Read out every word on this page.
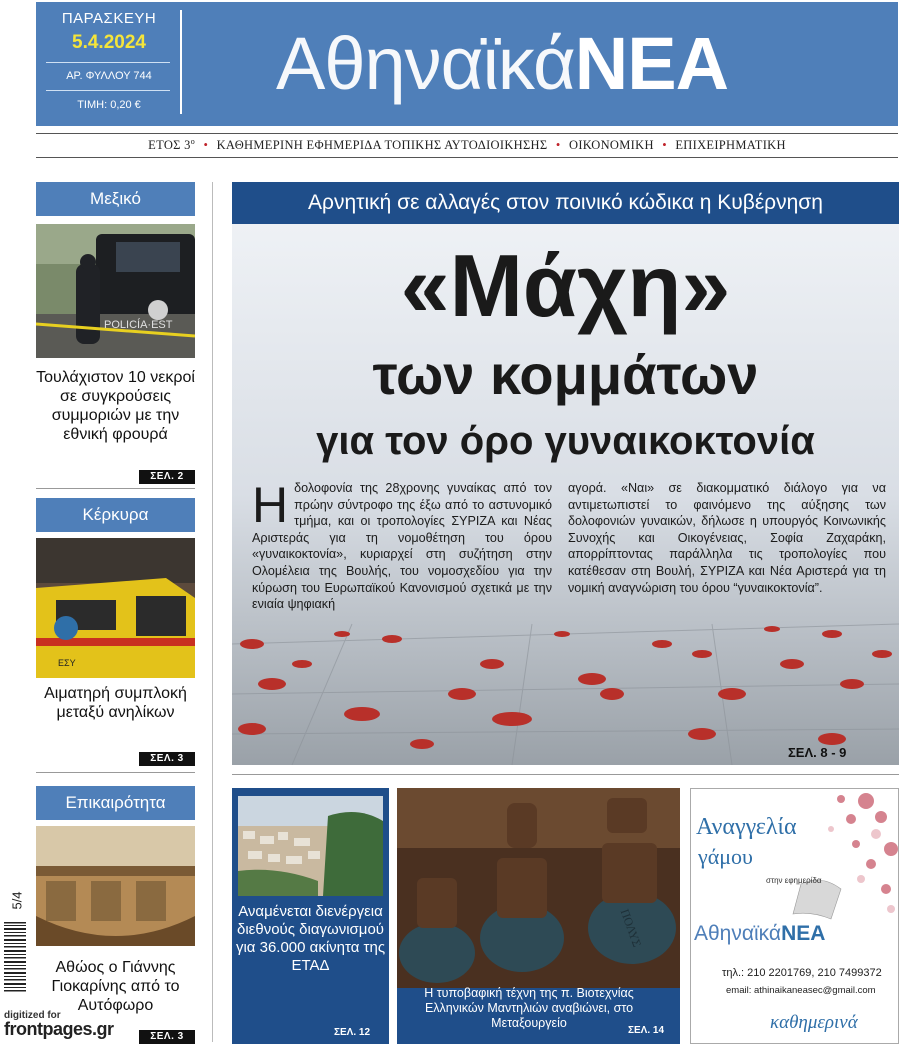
ΠΑΡΑΣΚΕΥΗ
5.4.2024
ΑΡ. ΦΥΛΛΟΥ 744
ΤΙΜΗ: 0,20 €	ΑθηναϊκάΝΕΑ
ΕΤΟΣ $3^o$ • ΚΑΘΗΜΕΡΙΝΗ ΕΦΗΜΕΡΙΔΑ ΤΟΠΙΚΗΣ ΑΥΤΟΔΙΟΙΚΗΣΗΣ • ΟΙΚΟΝΟΜΙΚΗ • ΕΠΙΧΕΙΡΗΜΑΤΙΚΗ
Μεξικό
POLICÍA·EST
Τουλάχιστον 10 νεκροί σε συγκρούσεις συμμοριών με την εθνική φρουρά
ΣΕΛ. 2
Κέρκυρα
ΕΣΥ
Αιματηρή συμπλοκή μεταξύ ανηλίκων
ΣΕΛ. 3
Επικαιρότητα
Αθώος ο Γιάννης Γιοκαρίνης από το Αυτόφωρο
ΣΕΛ. 3
Αρνητική σε αλλαγές στον ποινικό κώδικα η Κυβέρνηση
«Μάχη»
των κομμάτων
για τον όρο γυναικοκτονία
Ηδολοφονία της 28χρονης γυναίκας από τον πρώην σύντροφο της έξω από το αστυνομικό τμήμα, και οι τροπολογίες ΣΥΡΙΖΑ και Νέας Αριστεράς για τη νομοθέτηση του όρου «γυναικοκτονία», κυριαρχεί στη συζήτηση στην Ολομέλεια της Βουλής, του νομοσχεδίου για την κύρωση του Ευρωπαϊκού Κανονισμού σχετικά με την ενιαία ψηφιακή
αγορά. «Ναι» σε διακομματικό διάλογο για να αντιμετωπιστεί το φαινόμενο της αύξησης των δολοφονιών γυναικών, δήλωσε η υπουργός Κοινωνικής Συνοχής και Οικογένειας, Σοφία Ζαχαράκη, απορρίπτοντας παράλληλα τις τροπολογίες που κατέθεσαν στη Βουλή, ΣΥΡΙΖΑ και Νέα Αριστερά για τη νομική αναγνώριση του όρου “γυναικοκτονία”.
ΣΕΛ. 8 - 9
Αναμένεται διενέργεια διεθνούς διαγωνισμού για 36.000 ακίνητα της ΕΤΑΔ
ΣΕΛ. 12
ΠΟΛΥΣ
Η τυποβαφική τέχνη της π. Βιοτεχνίας Ελληνικών Μαντηλιών αναβιώνει, στο Μεταξουργείο
ΣΕΛ. 14
Αναγγελία
γάμου
στην εφημερίδα
ΑθηναϊκάΝΕΑ
τηλ.: 210 2201769, 210 7499372
email: athinaikaneasec@gmail.com
καθημερινά
5/4
digitized for
frontpages.gr
